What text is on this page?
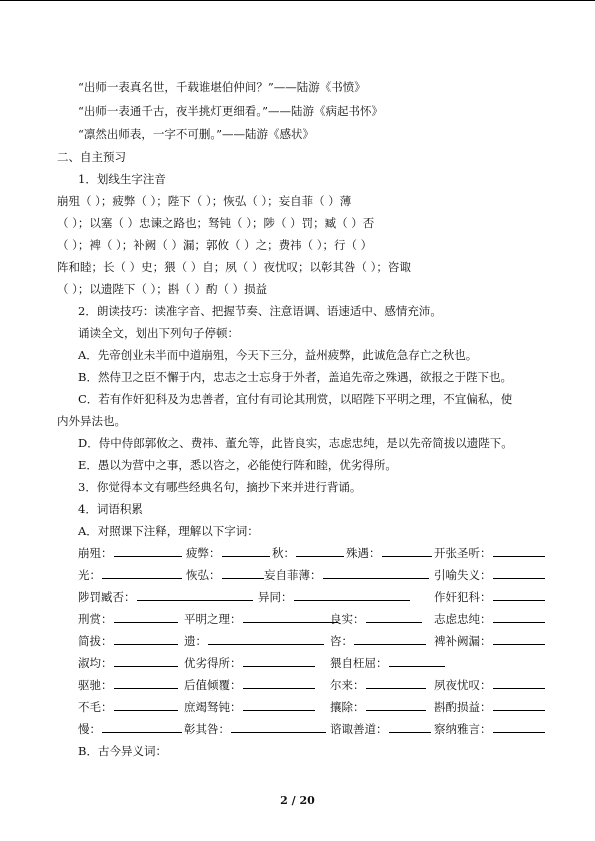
“出师一表真名世，千载谁堪伯仲间？”——陆游《书愤》
“出师一表通千古，夜半挑灯更细看。”——陆游《病起书怀》
“凛然出师表，一字不可删。”——陆游《感状》
二、自主预习
1．划线生字注音
崩殂（ ）；疲弊（ ）；陛下（ ）；恢弘（ ）；妄自菲（ ）薄
（ ）；以塞（ ）忠谏之路也；驽钝（ ）；陟（ ）罚；臧（ ）否
（ ）；裨（ ）；补阙（ ）漏；郭攸（ ）之；费祎（ ）；行（ ）
阵和睦；长（ ）史；猥（ ）自；夙（ ）夜忧叹；以彰其咎（ ）；咨诹
（ ）；以遗陛下（ ）；斟（ ）酌（ ）损益
2．朗读技巧：读准字音、把握节奏、注意语调、语速适中、感情充沛。
诵读全文，划出下列句子停顿：
A．先帝创业未半而中道崩殂，今天下三分，益州疲弊，此诚危急存亡之秋也。
B．然侍卫之臣不懈于内，忠志之士忘身于外者，盖追先帝之殊遇，欲报之于陛下也。
C．若有作奸犯科及为忠善者，宜付有司论其刑赏，以昭陛下平明之理，不宜偏私，使
内外异法也。
D．侍中侍郎郭攸之、费祎、董允等，此皆良实，志虑忠纯，是以先帝简拔以遗陛下。
E．愚以为营中之事，悉以咨之，必能使行阵和睦，优劣得所。
3．你觉得本文有哪些经典名句，摘抄下来并进行背诵。
4．词语积累
A．对照课下注释，理解以下字词：
崩殂：	疲弊：	秋：	殊遇：	开张圣听：
光：	恢弘：	妄自菲薄：	引喻失义：
陟罚臧否：	异同：	作奸犯科：
刑赏：	平明之理：	良实：	志虑忠纯：
简拔：	遗：	咨：	裨补阙漏：
淑均：	优劣得所：	猥自枉屈：
驱驰：	后值倾覆：	尔来：	夙夜忧叹：
不毛：	庶竭驽钝：	攘除：	斟酌损益：
慢：	彰其咎：	谘诹善道：	察纳雅言：
B．古今异义词：
2 / 20
